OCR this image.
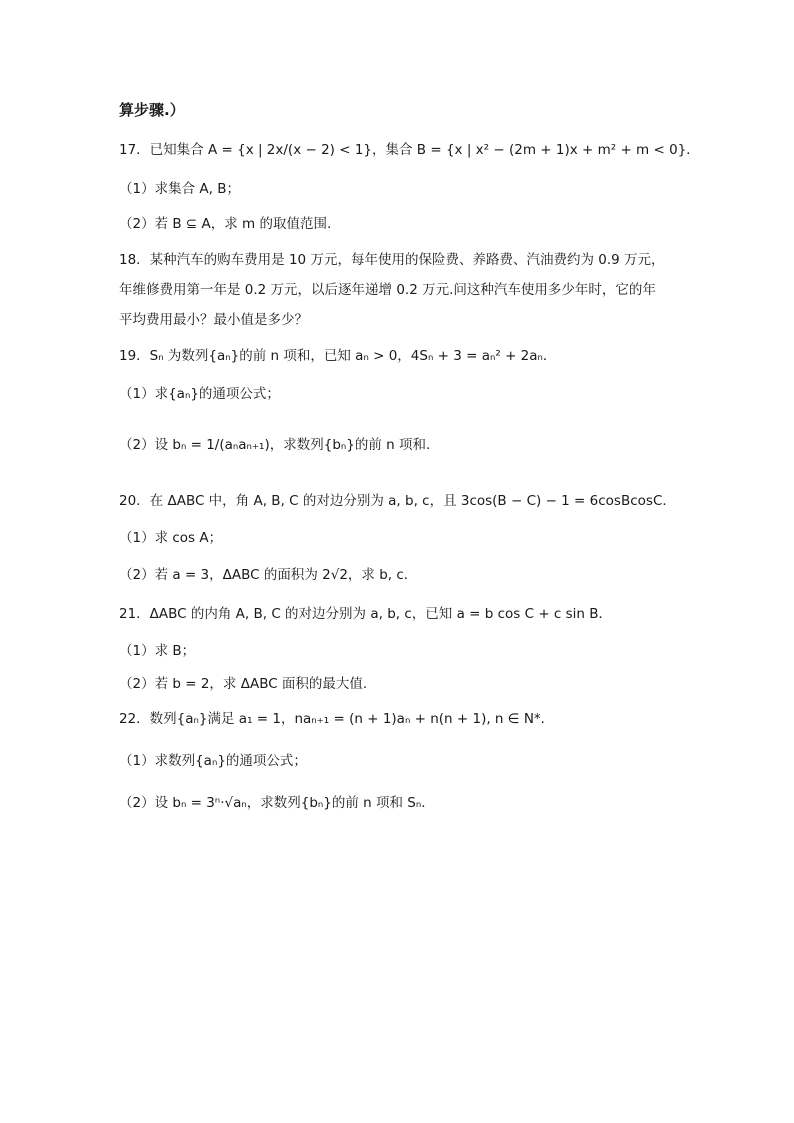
算步骤.）
17．已知集合 A = {x | 2x/(x − 2) < 1}，集合 B = {x | x² − (2m + 1)x + m² + m < 0}．
（1）求集合 A, B；
（2）若 B ⊆ A，求 m 的取值范围.
18．某种汽车的购车费用是 10 万元，每年使用的保险费、养路费、汽油费约为 0.9 万元，
年维修费用第一年是 0.2 万元，以后逐年递增 0.2 万元.问这种汽车使用多少年时，它的年
平均费用最小？最小值是多少？
19．Sₙ 为数列{aₙ}的前 n 项和，已知 aₙ > 0，4Sₙ + 3 = aₙ² + 2aₙ．
（1）求{aₙ}的通项公式；
（2）设 bₙ = 1/(aₙaₙ₊₁)，求数列{bₙ}的前 n 项和.
20．在 ΔABC 中，角 A, B, C 的对边分别为 a, b, c，且 3cos(B − C) − 1 = 6cosBcosC．
（1）求 cos A；
（2）若 a = 3，ΔABC 的面积为 2√2，求 b, c．
21．ΔABC 的内角 A, B, C 的对边分别为 a, b, c，已知 a = b cos C + c sin B．
（1）求 B；
（2）若 b = 2，求 ΔABC 面积的最大值.
22．数列{aₙ}满足 a₁ = 1，naₙ₊₁ = (n + 1)aₙ + n(n + 1), n ∈ N*．
（1）求数列{aₙ}的通项公式；
（2）设 bₙ = 3ⁿ·√aₙ，求数列{bₙ}的前 n 项和 Sₙ．
